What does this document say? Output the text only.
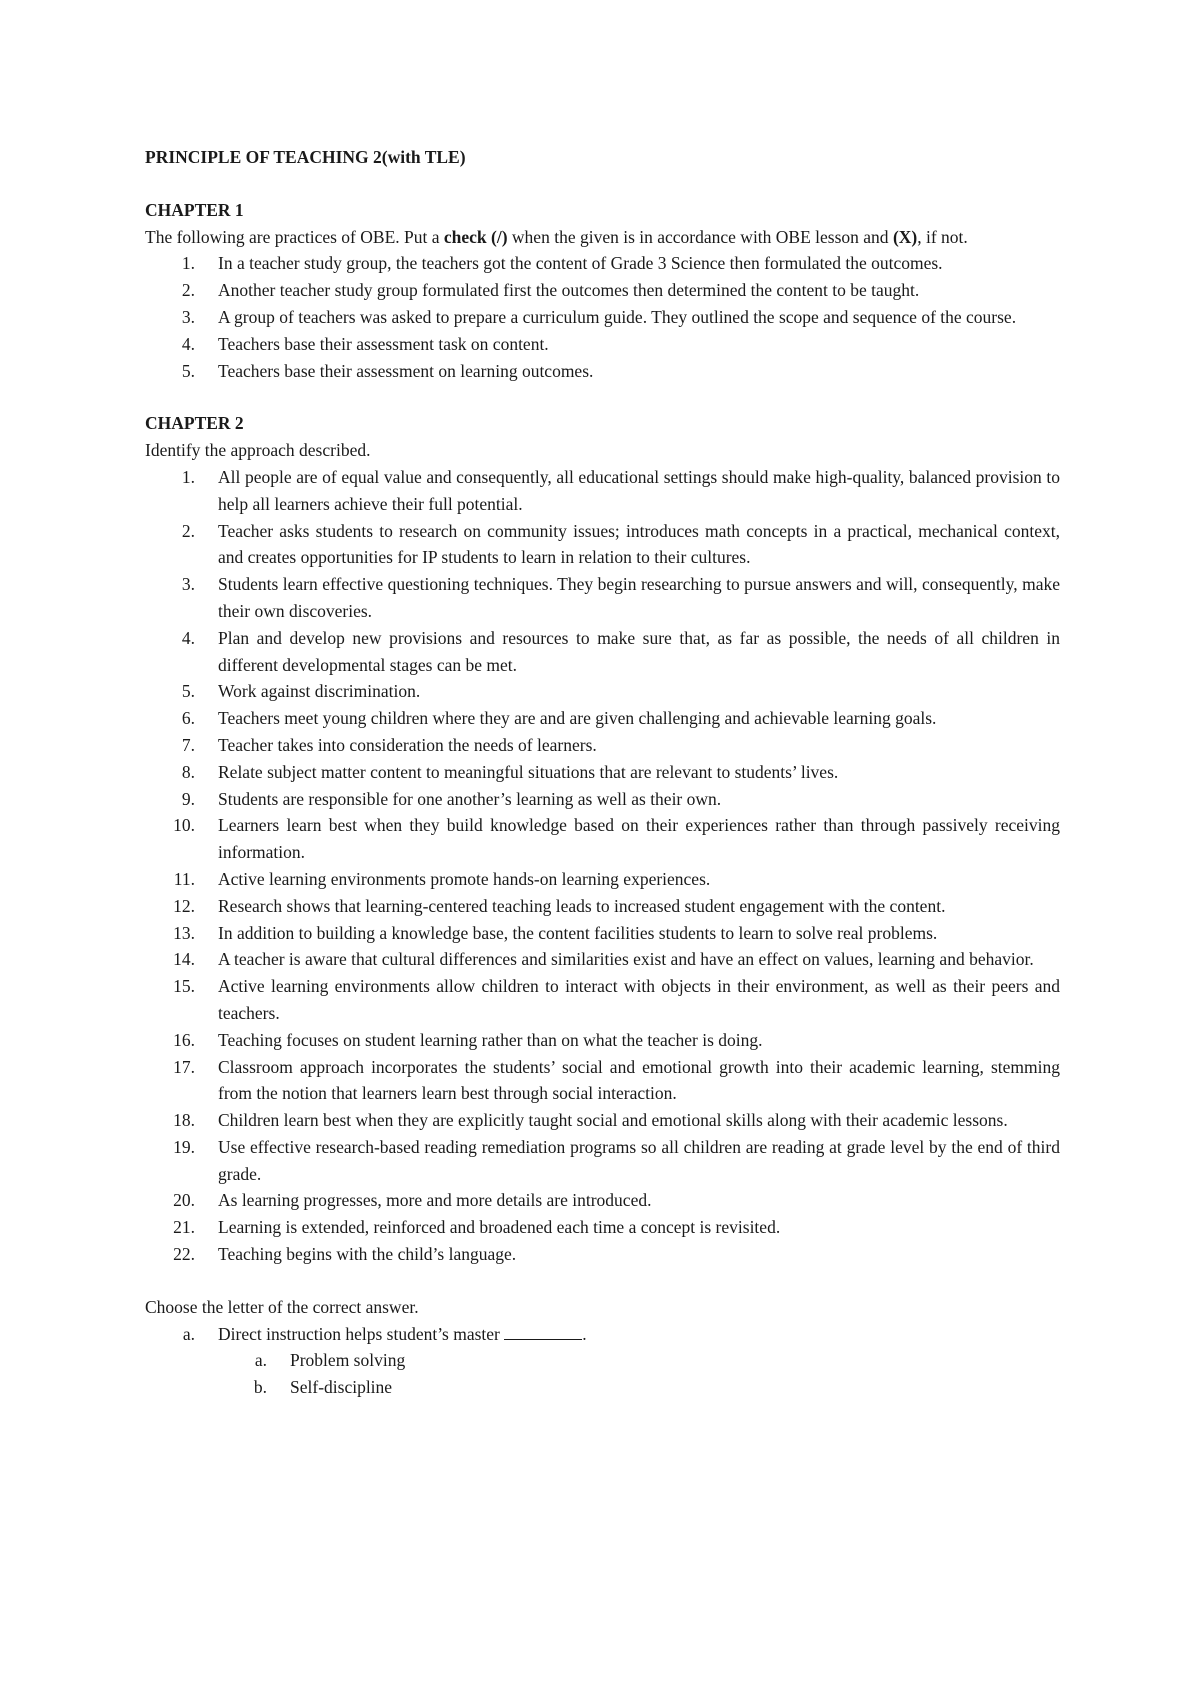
PRINCIPLE OF TEACHING 2(with TLE)

CHAPTER 1

The following are practices of OBE. Put a check (/) when the given is in accordance with OBE lesson and (X), if not.

1. In a teacher study group, the teachers got the content of Grade 3 Science then formulated the outcomes.
2. Another teacher study group formulated first the outcomes then determined the content to be taught.
3. A group of teachers was asked to prepare a curriculum guide. They outlined the scope and sequence of the course.
4. Teachers base their assessment task on content.
5. Teachers base their assessment on learning outcomes.

CHAPTER 2

Identify the approach described.

1. All people are of equal value and consequently, all educational settings should make high-quality, balanced provision to help all learners achieve their full potential.
2. Teacher asks students to research on community issues; introduces math concepts in a practical, mechanical context, and creates opportunities for IP students to learn in relation to their cultures.
3. Students learn effective questioning techniques. They begin researching to pursue answers and will, consequently, make their own discoveries.
4. Plan and develop new provisions and resources to make sure that, as far as possible, the needs of all children in different developmental stages can be met.
5. Work against discrimination.
6. Teachers meet young children where they are and are given challenging and achievable learning goals.
7. Teacher takes into consideration the needs of learners.
8. Relate subject matter content to meaningful situations that are relevant to students’ lives.
9. Students are responsible for one another’s learning as well as their own.
10. Learners learn best when they build knowledge based on their experiences rather than through passively receiving information.
11. Active learning environments promote hands-on learning experiences.
12. Research shows that learning-centered teaching leads to increased student engagement with the content.
13. In addition to building a knowledge base, the content facilities students to learn to solve real problems.
14. A teacher is aware that cultural differences and similarities exist and have an effect on values, learning and behavior.
15. Active learning environments allow children to interact with objects in their environment, as well as their peers and teachers.
16. Teaching focuses on student learning rather than on what the teacher is doing.
17. Classroom approach incorporates the students’ social and emotional growth into their academic learning, stemming from the notion that learners learn best through social interaction.
18. Children learn best when they are explicitly taught social and emotional skills along with their academic lessons.
19. Use effective research-based reading remediation programs so all children are reading at grade level by the end of third grade.
20. As learning progresses, more and more details are introduced.
21. Learning is extended, reinforced and broadened each time a concept is revisited.
22. Teaching begins with the child’s language.

Choose the letter of the correct answer.

a. Direct instruction helps student’s master	.
a. Problem solving
b. Self-discipline
